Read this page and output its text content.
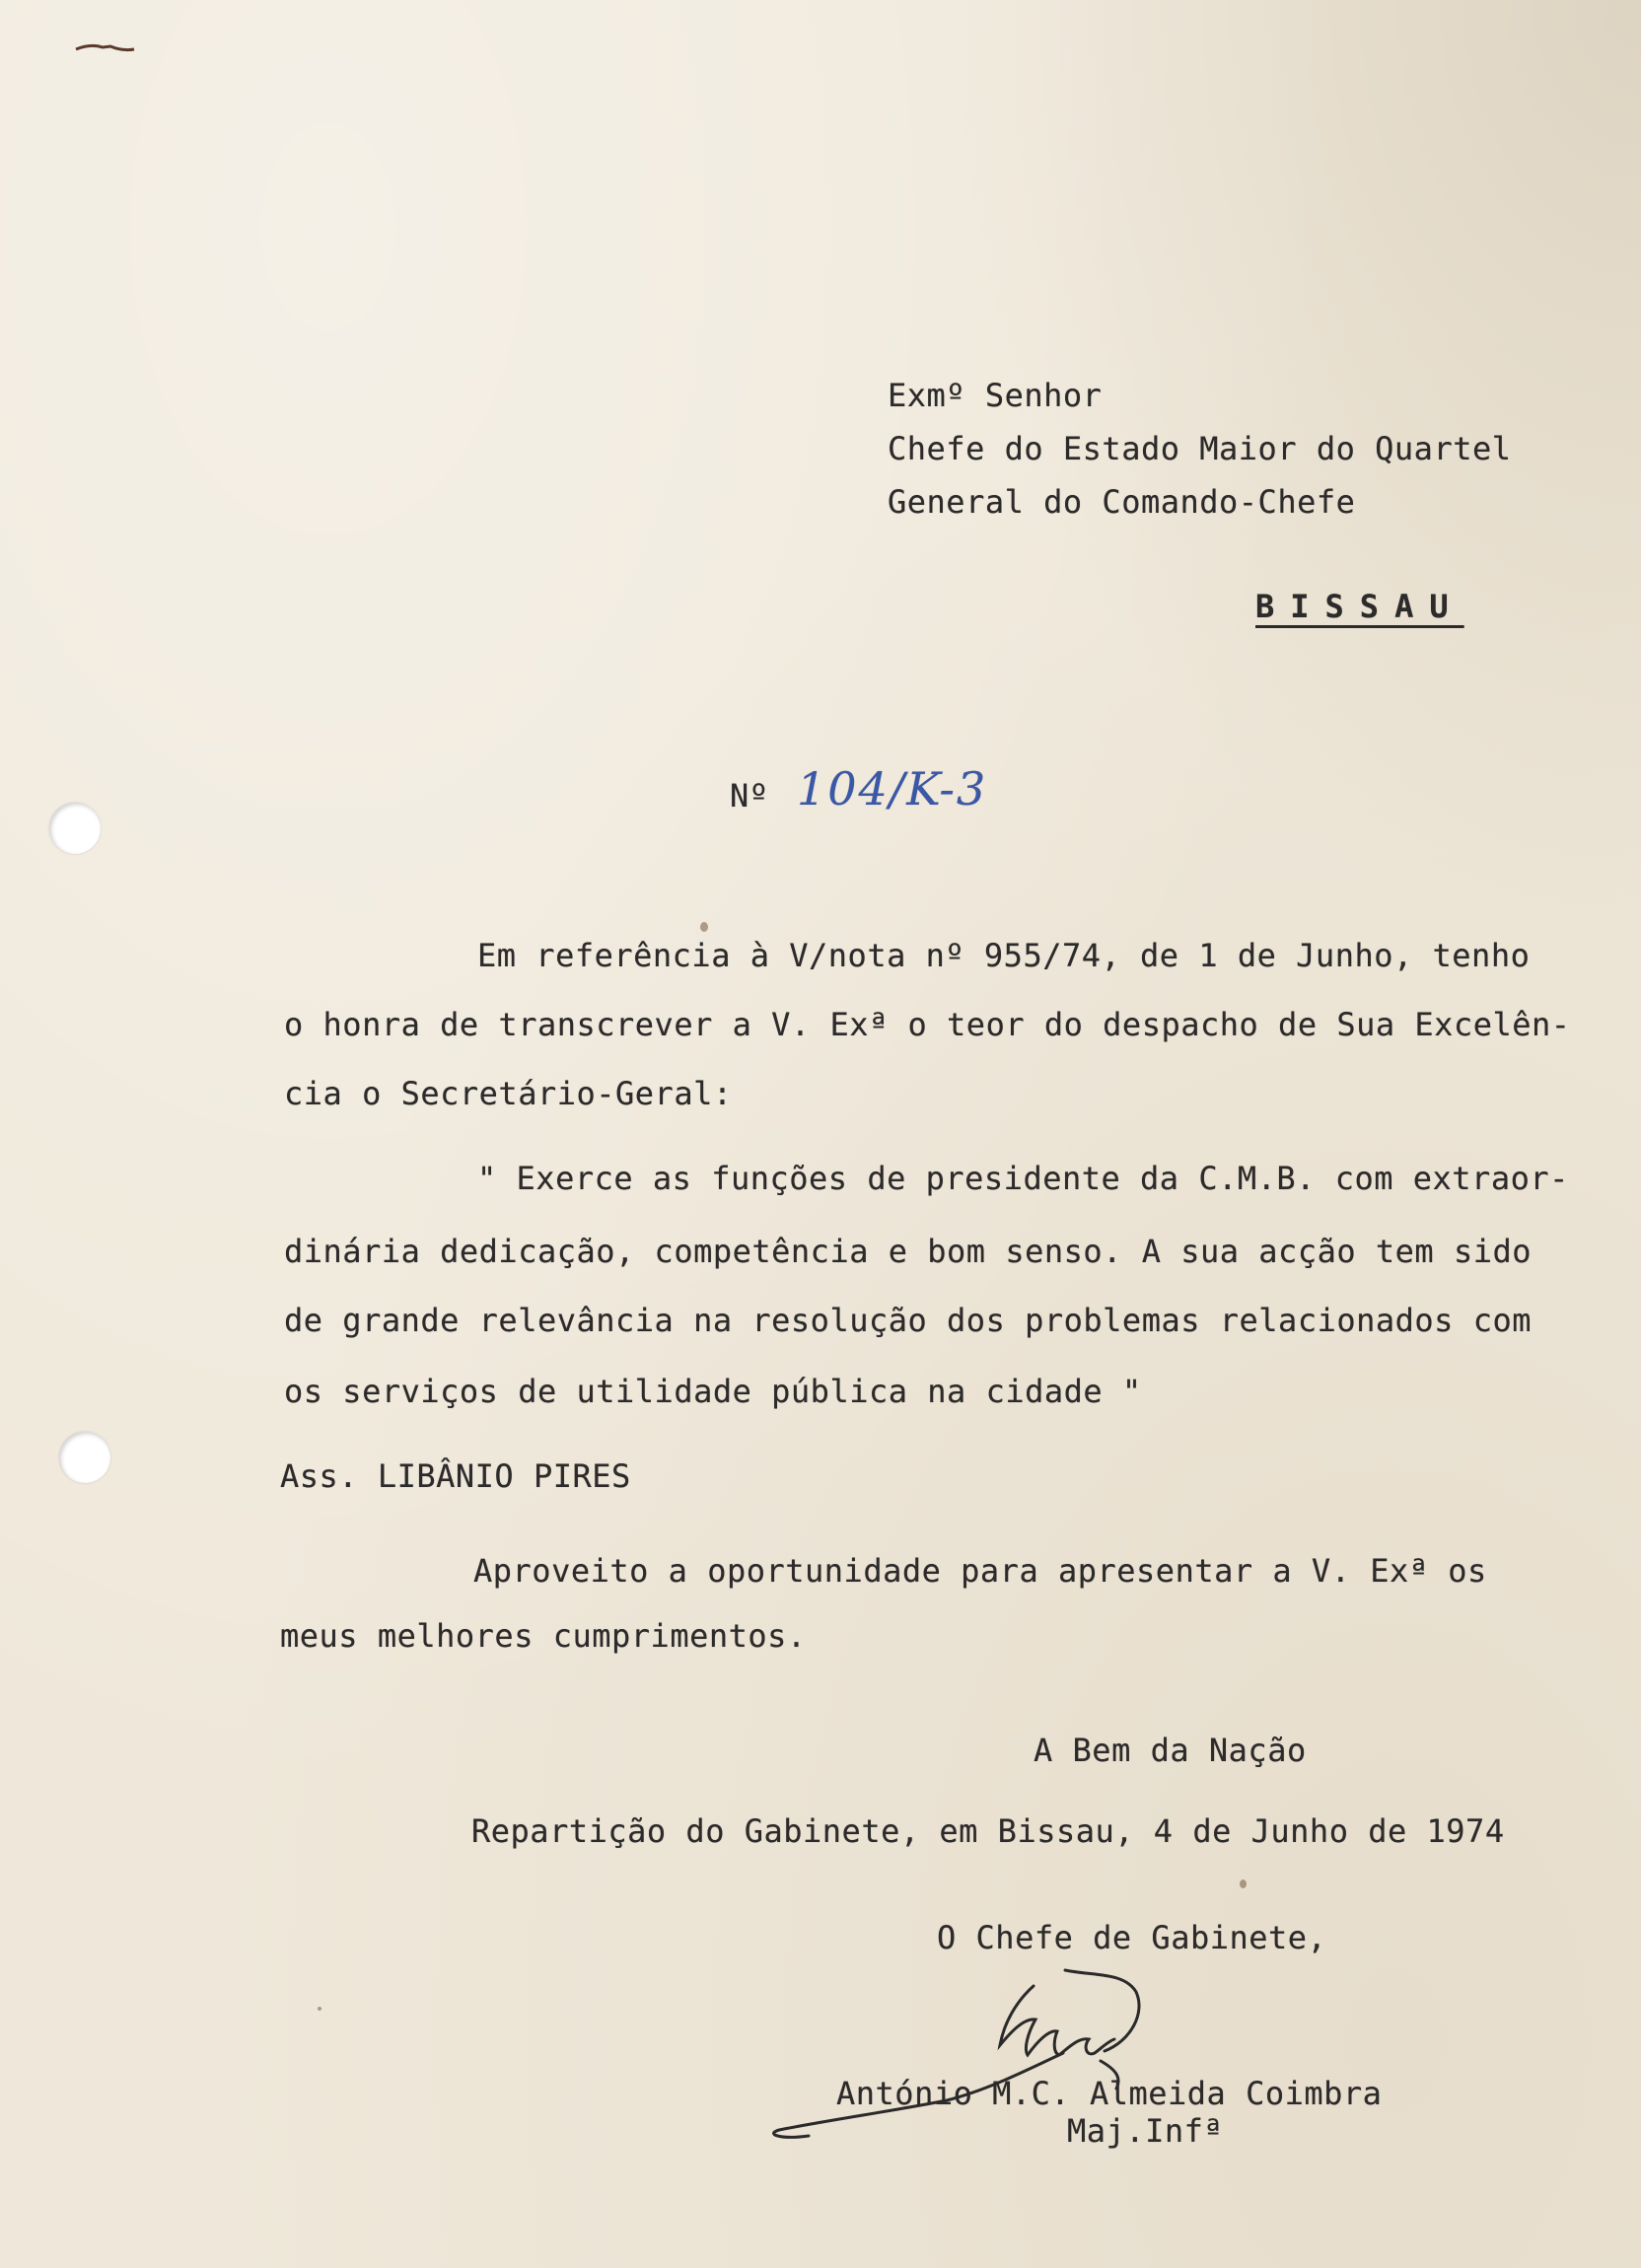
Exmº Senhor
Chefe do Estado Maior do Quartel
General do Comando-Chefe
BISSAU
Nº 104/K-3
Em referência à V/nota nº 955/74, de 1 de Junho, tenho
o honra de transcrever a V. Exª o teor do despacho de Sua Excelên-
cia o Secretário-Geral:
" Exerce as funções de presidente da C.M.B. com extraor-
dinária dedicação, competência e bom senso. A sua acção tem sido
de grande relevância na resolução dos problemas relacionados com
os serviços de utilidade pública na cidade "
Ass. LIBÂNIO PIRES
Aproveito a oportunidade para apresentar a V. Exª os
meus melhores cumprimentos.
A Bem da Nação
Repartição do Gabinete, em Bissau, 4 de Junho de 1974
O Chefe de Gabinete,
António M.C. Almeida Coimbra
Maj.Infª
